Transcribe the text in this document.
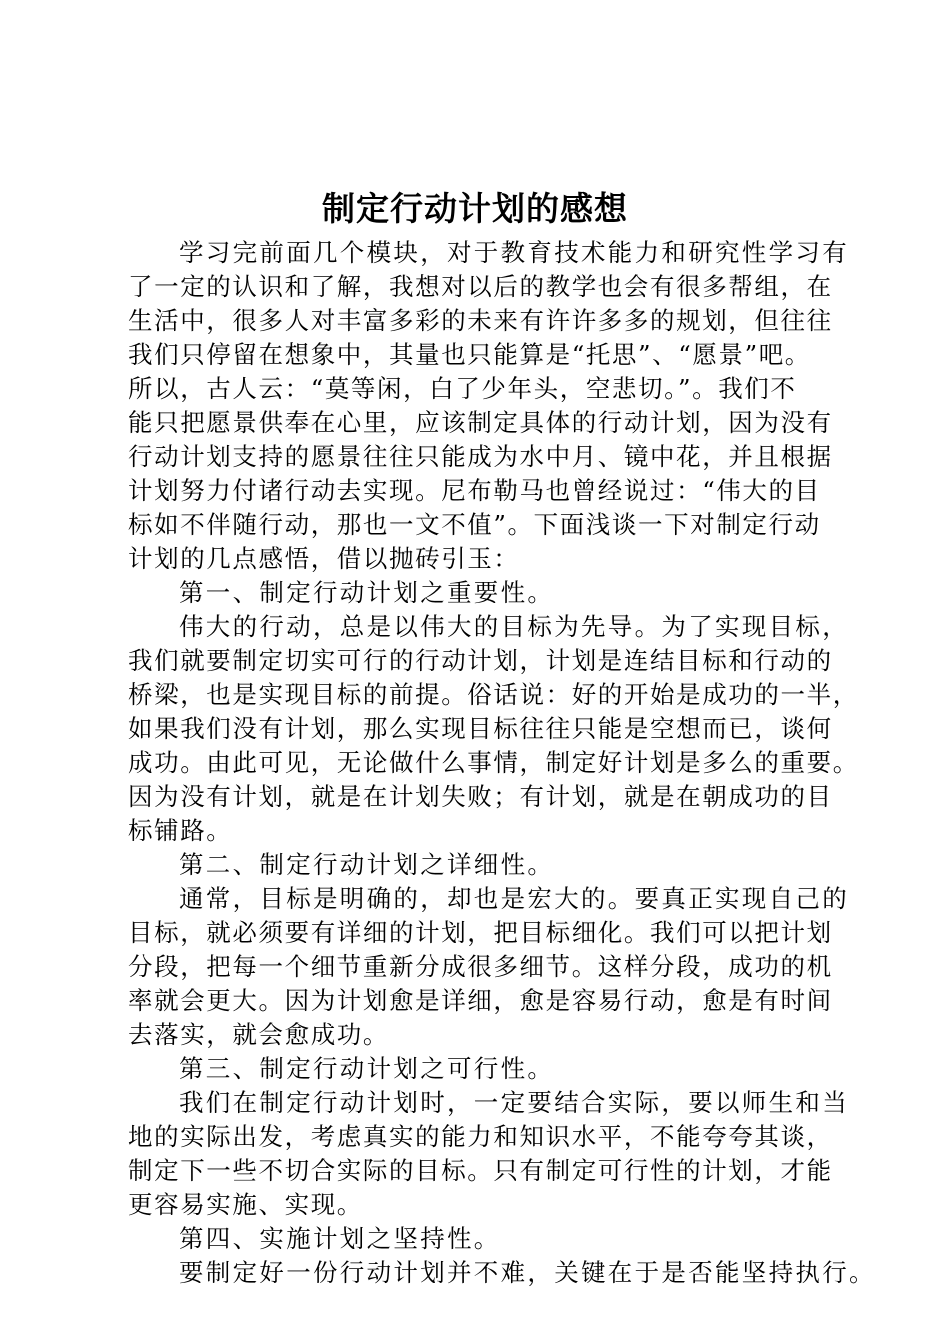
制定行动计划的感想
学习完前面几个模块，对于教育技术能力和研究性学习有
了一定的认识和了解，我想对以后的教学也会有很多帮组，在
生活中，很多人对丰富多彩的未来有许许多多的规划，但往往
我们只停留在想象中，其量也只能算是“托思”、“愿景”吧。
所以，古人云：“莫等闲，白了少年头，空悲切。”。我们不
能只把愿景供奉在心里，应该制定具体的行动计划，因为没有
行动计划支持的愿景往往只能成为水中月、镜中花，并且根据
计划努力付诸行动去实现。尼布勒马也曾经说过：“伟大的目
标如不伴随行动，那也一文不值”。下面浅谈一下对制定行动
计划的几点感悟，借以抛砖引玉：
第一、制定行动计划之重要性。
伟大的行动，总是以伟大的目标为先导。为了实现目标，
我们就要制定切实可行的行动计划，计划是连结目标和行动的
桥梁，也是实现目标的前提。俗话说：好的开始是成功的一半，
如果我们没有计划，那么实现目标往往只能是空想而已，谈何
成功。由此可见，无论做什么事情，制定好计划是多么的重要。
因为没有计划，就是在计划失败；有计划，就是在朝成功的目
标铺路。
第二、制定行动计划之详细性。
通常，目标是明确的，却也是宏大的。要真正实现自己的
目标，就必须要有详细的计划，把目标细化。我们可以把计划
分段，把每一个细节重新分成很多细节。这样分段，成功的机
率就会更大。因为计划愈是详细，愈是容易行动，愈是有时间
去落实，就会愈成功。
第三、制定行动计划之可行性。
我们在制定行动计划时，一定要结合实际，要以师生和当
地的实际出发，考虑真实的能力和知识水平，不能夸夸其谈，
制定下一些不切合实际的目标。只有制定可行性的计划，才能
更容易实施、实现。
第四、实施计划之坚持性。
要制定好一份行动计划并不难，关键在于是否能坚持执行。
